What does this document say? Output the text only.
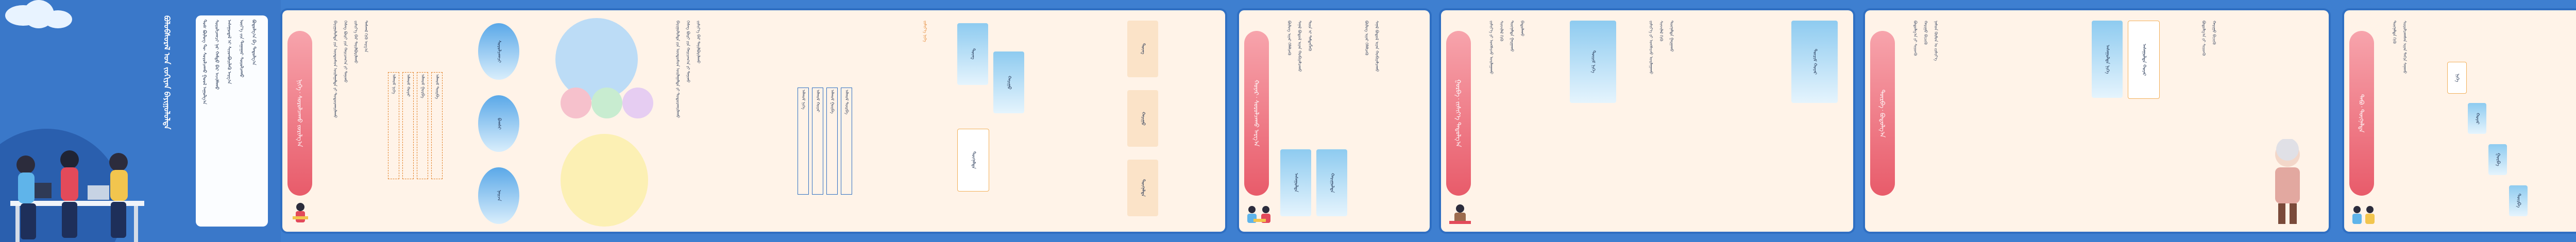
ᠪᠣᠯᠣᠪᠰᠤᠷᠠᠯ ᠤᠨ ᠵᠣᠬᠢᠶᠠᠨ ᠪᠠᠶᠢᠭᠤᠯᠤᠯᠲᠠ	ᠲᠤᠰ ᠪᠦᠯᠦᠭ ᠲᠦ ᠰᠤᠷᠤᠯᠴᠠᠬᠤ ᠭᠣᠣᠯ ᠠᠭᠤᠯᠭ᠎ᠠ	ᠰᠤᠷᠤᠯᠴᠠᠭᠴᠢ ᠨᠠᠷ ᠬᠠᠮᠲᠤ ᠪᠡᠷ ᠠᠵᠢᠯᠯᠠᠬᠤ	ᠠᠰᠠᠭᠤᠳᠠᠯ ᠢ ᠰᠢᠢᠳᠪᠦᠷᠢᠯᠡᠬᠦ ᠠᠷᠭ᠎ᠠ	ᠦᠶ᠎ᠡ ᠵᠢᠨ ᠳᠠᠭᠠᠭᠠᠷ ᠰᠤᠷᠤᠯᠴᠠᠬᠤ	ᠪᠣᠳᠣᠯᠭ᠎ᠠ ᠪᠠ ᠳᠠᠳᠤᠯᠭ᠎ᠠ
ᠨᠢᠭᠡ᠂ ᠰᠤᠷᠤᠯᠴᠠᠬᠤ ᠵᠣᠷᠢᠯᠭ᠎ᠠ	ᠪᠠᠶᠢᠭᠤᠯᠤᠯᠲᠠ ᠶᠢᠨ ᠦᠨᠳᠦᠰᠦᠨ ᠣᠢᠯᠠᠭᠠᠯᠲᠠ ᠶᠢ ᠲᠣᠳᠣᠷᠬᠠᠶᠢᠯᠠᠬᠤ	ᠬᠡᠰᠡᠭ ᠪᠦᠷᠢ ᠶᠢᠨ ᠬᠠᠷᠢᠴᠠᠭ᠎ᠠ ᠶᠢ ᠲᠠᠨᠢᠬᠤ	ᠵᠢᠱᠢᠶ᠎ᠡ ᠪᠡᠷ ᠲᠠᠶᠢᠯᠪᠤᠷᠢᠯᠠᠬᠤ	ᠳᠠᠰᠭᠠᠯ ᠬᠢᠬᠦ ᠠᠷᠭ᠎ᠠ
ᠠᠯᠬᠤᠮ ᠨᠢᠭᠡ	ᠠᠯᠬᠤᠮ ᠬᠣᠶᠠᠷ	ᠠᠯᠬᠤᠮ ᠭᠤᠷᠪᠠ	ᠠᠯᠬᠤᠮ ᠳᠦᠷᠪᠡ
ᠰᠤᠷᠤᠯᠴᠠᠭᠴᠢ
ᠪᠠᠭᠰᠢ
ᠨᠠᠢᠵᠠ
ᠪᠠᠶᠢᠭᠤᠯᠤᠯᠲᠠ ᠶᠢᠨ ᠦᠨᠳᠦᠰᠦᠨ ᠣᠢᠯᠠᠭᠠᠯᠲᠠ ᠶᠢ ᠲᠣᠳᠣᠷᠬᠠᠶᠢᠯᠠᠬᠤ	ᠬᠡᠰᠡᠭ ᠪᠦᠷᠢ ᠶᠢᠨ ᠬᠠᠷᠢᠴᠠᠭ᠎ᠠ ᠶᠢ ᠲᠠᠨᠢᠬᠤ	ᠵᠢᠱᠢᠶ᠎ᠡ ᠪᠡᠷ ᠲᠠᠶᠢᠯᠪᠤᠷᠢᠯᠠᠬᠤ
ᠠᠯᠬᠤᠮ ᠨᠢᠭᠡ	ᠠᠯᠬᠤᠮ ᠬᠣᠶᠠᠷ	ᠠᠯᠬᠤᠮ ᠭᠤᠷᠪᠠ	ᠠᠯᠬᠤᠮ ᠳᠦᠷᠪᠡ
ᠵᠢᠱᠢᠶ᠎ᠡ ᠨᠢᠭᠡ
ᠳᠦᠩ
ᠬᠠᠷᠢᠭᠤ
ᠳᠦᠭᠨᠡᠯᠲᠡ
ᠳᠦᠩ
ᠬᠠᠷᠢᠭᠤ
ᠳᠦᠭᠨᠡᠯᠲᠡ
ᠬᠣᠶᠠᠷ᠂ ᠰᠤᠷᠤᠯᠴᠠᠬᠤ ᠠᠷᠭ᠎ᠠ
ᠪᠦᠯᠦᠭ ᠢᠶᠡᠷ ᠬᠡᠯᠡᠯᠴᠡᠬᠦ	ᠰᠠᠨᠠᠯ ᠪᠣᠳᠤᠯ ᠢᠶᠠᠨ ᠬᠤᠪᠢᠶᠠᠯᠴᠠᠬᠤ	ᠳᠦᠨ ᠢ ᠲᠡᠮᠳᠡᠭᠯᠡᠬᠦ
ᠠᠰᠠᠭᠤᠯᠲᠠ	ᠬᠠᠷᠢᠭᠤᠯᠲᠠ
ᠪᠦᠯᠦᠭ ᠢᠶᠡᠷ ᠬᠡᠯᠡᠯᠴᠡᠬᠦ	ᠰᠠᠨᠠᠯ ᠪᠣᠳᠤᠯ ᠢᠶᠠᠨ ᠬᠤᠪᠢᠶᠠᠯᠴᠠᠬᠤ
ᠭᠤᠷᠪᠠ᠂ ᠵᠢᠱᠢᠶ᠎ᠡ ᠳᠠᠳᠤᠯᠭ᠎ᠠ
ᠵᠢᠱᠢᠶ᠎ᠡ ᠶᠢ ᠤᠩᠰᠢᠵᠤ ᠣᠢᠯᠠᠭᠠᠬᠤ	ᠰᠢᠨᠵᠢᠯᠡᠯ ᠬᠢᠬᠦ	ᠳᠦᠭᠨᠡᠯᠲᠡ ᠭᠠᠷᠭᠠᠬᠤ	ᠪᠠᠲᠤᠯᠠᠬᠤ
ᠳᠦᠷᠢᠮ ᠨᠢᠭᠡ	ᠳᠦᠷᠢᠮ ᠬᠣᠶᠠᠷ
ᠵᠢᠱᠢᠶ᠎ᠡ ᠶᠢ ᠤᠩᠰᠢᠵᠤ ᠣᠢᠯᠠᠭᠠᠬᠤ	ᠰᠢᠨᠵᠢᠯᠡᠯ ᠬᠢᠬᠦ	ᠳᠦᠭᠨᠡᠯᠲᠡ ᠭᠠᠷᠭᠠᠬᠤ
ᠳᠦᠷᠪᠡ᠂ ᠪᠣᠳᠣᠯᠭ᠎ᠠ
ᠪᠣᠳᠣᠯᠭ᠎ᠠ ᠶᠢ ᠰᠢᠢᠳᠬᠦ	ᠬᠠᠷᠢᠭᠤ ᠪᠢᠴᠢᠬᠦ	ᠨᠠᠰᠤᠨ ᠬᠦᠮᠦᠨ ᠤ ᠵᠢᠱᠢᠶ᠎ᠡ	ᠠᠰᠠᠭᠤᠯᠲᠠ ᠨᠢᠭᠡ	ᠠᠰᠠᠭᠤᠯᠲᠠ ᠬᠣᠶᠠᠷ
ᠪᠣᠳᠣᠯᠭ᠎ᠠ ᠶᠢ ᠰᠢᠢᠳᠬᠦ	ᠬᠠᠷᠢᠭᠤ ᠪᠢᠴᠢᠬᠦ
ᠲᠠᠪᠤ᠂ ᠳᠦᠭᠨᠡᠯᠲᠡ
ᠳᠦᠭᠨᠡᠯᠲᠡ ᠬᠢᠬᠦ	ᠰᠤᠷᠤᠯᠴᠠᠭᠰᠠᠨ ᠢᠶᠠᠨ ᠳᠠᠬᠢᠨ ᠰᠠᠨᠠᠬᠤ
ᠨᠢᠭᠡ
ᠬᠣᠶᠠᠷ
ᠭᠤᠷᠪᠠ
ᠳᠦᠷᠪᠡ
